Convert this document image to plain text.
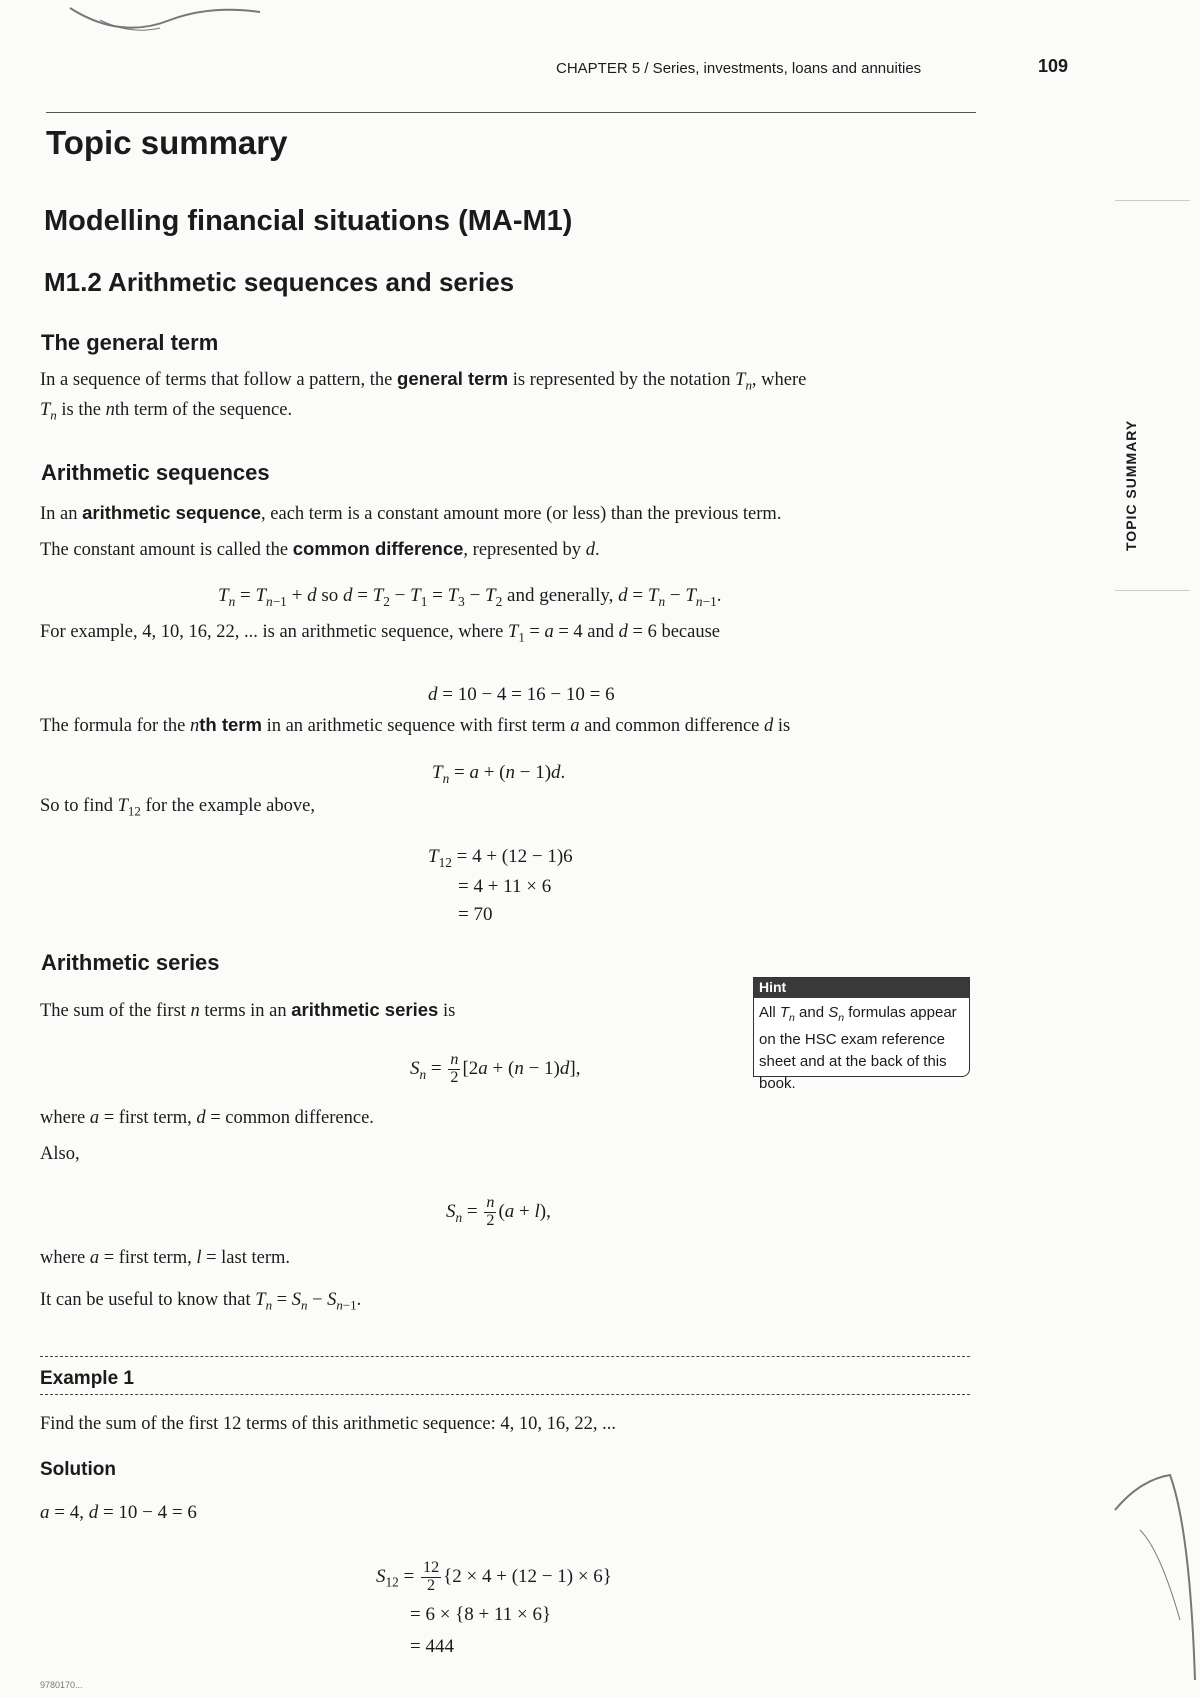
CHAPTER 5 / Series, investments, loans and annuities	109
TOPIC SUMMARY
Topic summary
Modelling financial situations (MA-M1)
M1.2 Arithmetic sequences and series
The general term
In a sequence of terms that follow a pattern, the general term is represented by the notation $T_n$, where
$T_n$ is the nth term of the sequence.
Arithmetic sequences
In an arithmetic sequence, each term is a constant amount more (or less) than the previous term.
The constant amount is called the common difference, represented by d.
$T_n = T_{n-1} + d$ so $d = T_2 - T_1 = T_3 - T_2$ and generally, $d = T_n - T_{n-1}$.
For example, 4, 10, 16, 22, ... is an arithmetic sequence, where $T_1 = a = 4$ and d = 6 because
d = 10 − 4 = 16 − 10 = 6
The formula for the nth term in an arithmetic sequence with first term a and common difference d is
$T_n = a + (n - 1)d$.
So to find $T_{12}$ for the example above,
$T_{12} = 4 + (12 - 1)6$
= 4 + 11 × 6
= 70
Arithmetic series
The sum of the first n terms in an arithmetic series is
$S_n = \frac{n}{2} [2a + (n - 1)d]$,
where a = first term, d = common difference.
Also,
$S_n = \frac{n}{2} (a + l)$,
where a = first term, l = last term.
It can be useful to know that $T_n = S_n - S_{n-1}$.
Hint
All $T_n$ and $S_n$ formulas appear on the HSC exam reference sheet and at the back of this book.
Example 1
Find the sum of the first 12 terms of this arithmetic sequence: 4, 10, 16, 22, ...
Solution
a = 4, d = 10 − 4 = 6
$S_{12} = \frac{12}{2} \{2 \times 4 + (12 - 1) \times 6\}$
= 6 × {8 + 11 × 6}
= 444
9780170...
